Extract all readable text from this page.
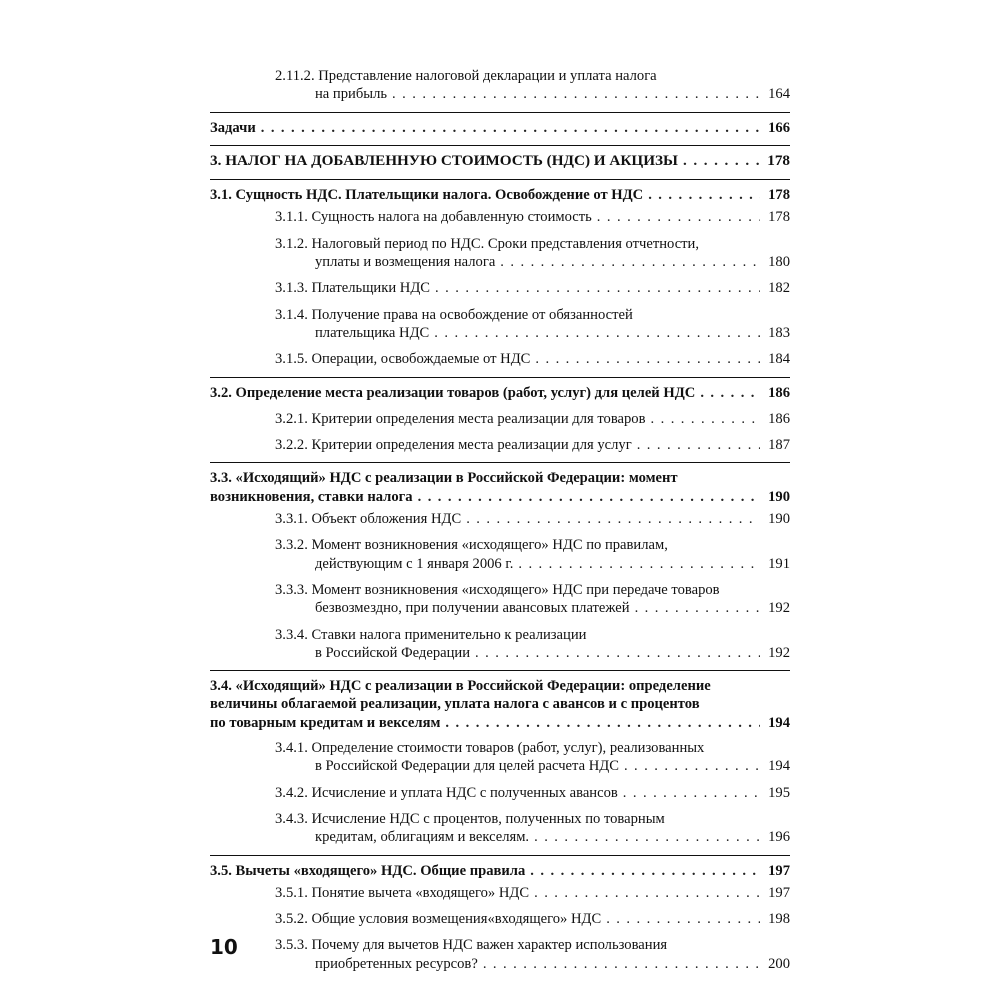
2.11.2. Представление налоговой декларации и уплата налога
на прибыль . . .	164
Задачи . . .	166
3. НАЛОГ НА ДОБАВЛЕННУЮ СТОИМОСТЬ (НДС) И АКЦИЗЫ . . .	178
3.1. Сущность НДС. Плательщики налога. Освобождение от НДС . . .	178
3.1.1. Сущность налога на добавленную стоимость . . .	178
3.1.2. Налоговый период по НДС. Сроки представления отчетности,
уплаты и возмещения налога . . .	180
3.1.3. Плательщики НДС . . .	182
3.1.4. Получение права на освобождение от обязанностей
плательщика НДС . . .	183
3.1.5. Операции, освобождаемые от НДС . . .	184
3.2. Определение места реализации товаров (работ, услуг) для целей НДС . . .	186
3.2.1. Критерии определения места реализации для товаров . . .	186
3.2.2. Критерии определения места реализации для услуг . . .	187
3.3. «Исходящий» НДС с реализации в Российской Федерации: момент
возникновения, ставки налога . . .	190
3.3.1. Объект обложения НДС . . .	190
3.3.2. Момент возникновения «исходящего» НДС по правилам,
действующим с 1 января 2006 г. . . .	191
3.3.3. Момент возникновения «исходящего» НДС при передаче товаров
безвозмездно, при получении авансовых платежей . . .	192
3.3.4. Ставки налога применительно к реализации
в Российской Федерации . . .	192
3.4. «Исходящий» НДС с реализации в Российской Федерации: определение
величины облагаемой реализации, уплата налога с авансов и с процентов
по товарным кредитам и векселям . . .	194
3.4.1. Определение стоимости товаров (работ, услуг), реализованных
в Российской Федерации для целей расчета НДС . . .	194
3.4.2. Исчисление и уплата НДС с полученных авансов . . .	195
3.4.3. Исчисление НДС с процентов, полученных по товарным
кредитам, облигациям и векселям. . . .	196
3.5. Вычеты «входящего» НДС. Общие правила . . .	197
3.5.1. Понятие вычета «входящего» НДС . . .	197
3.5.2. Общие условия возмещения«входящего» НДС . . .	198
3.5.3. Почему для вычетов НДС важен характер использования
приобретенных ресурсов? . . .	200
10
